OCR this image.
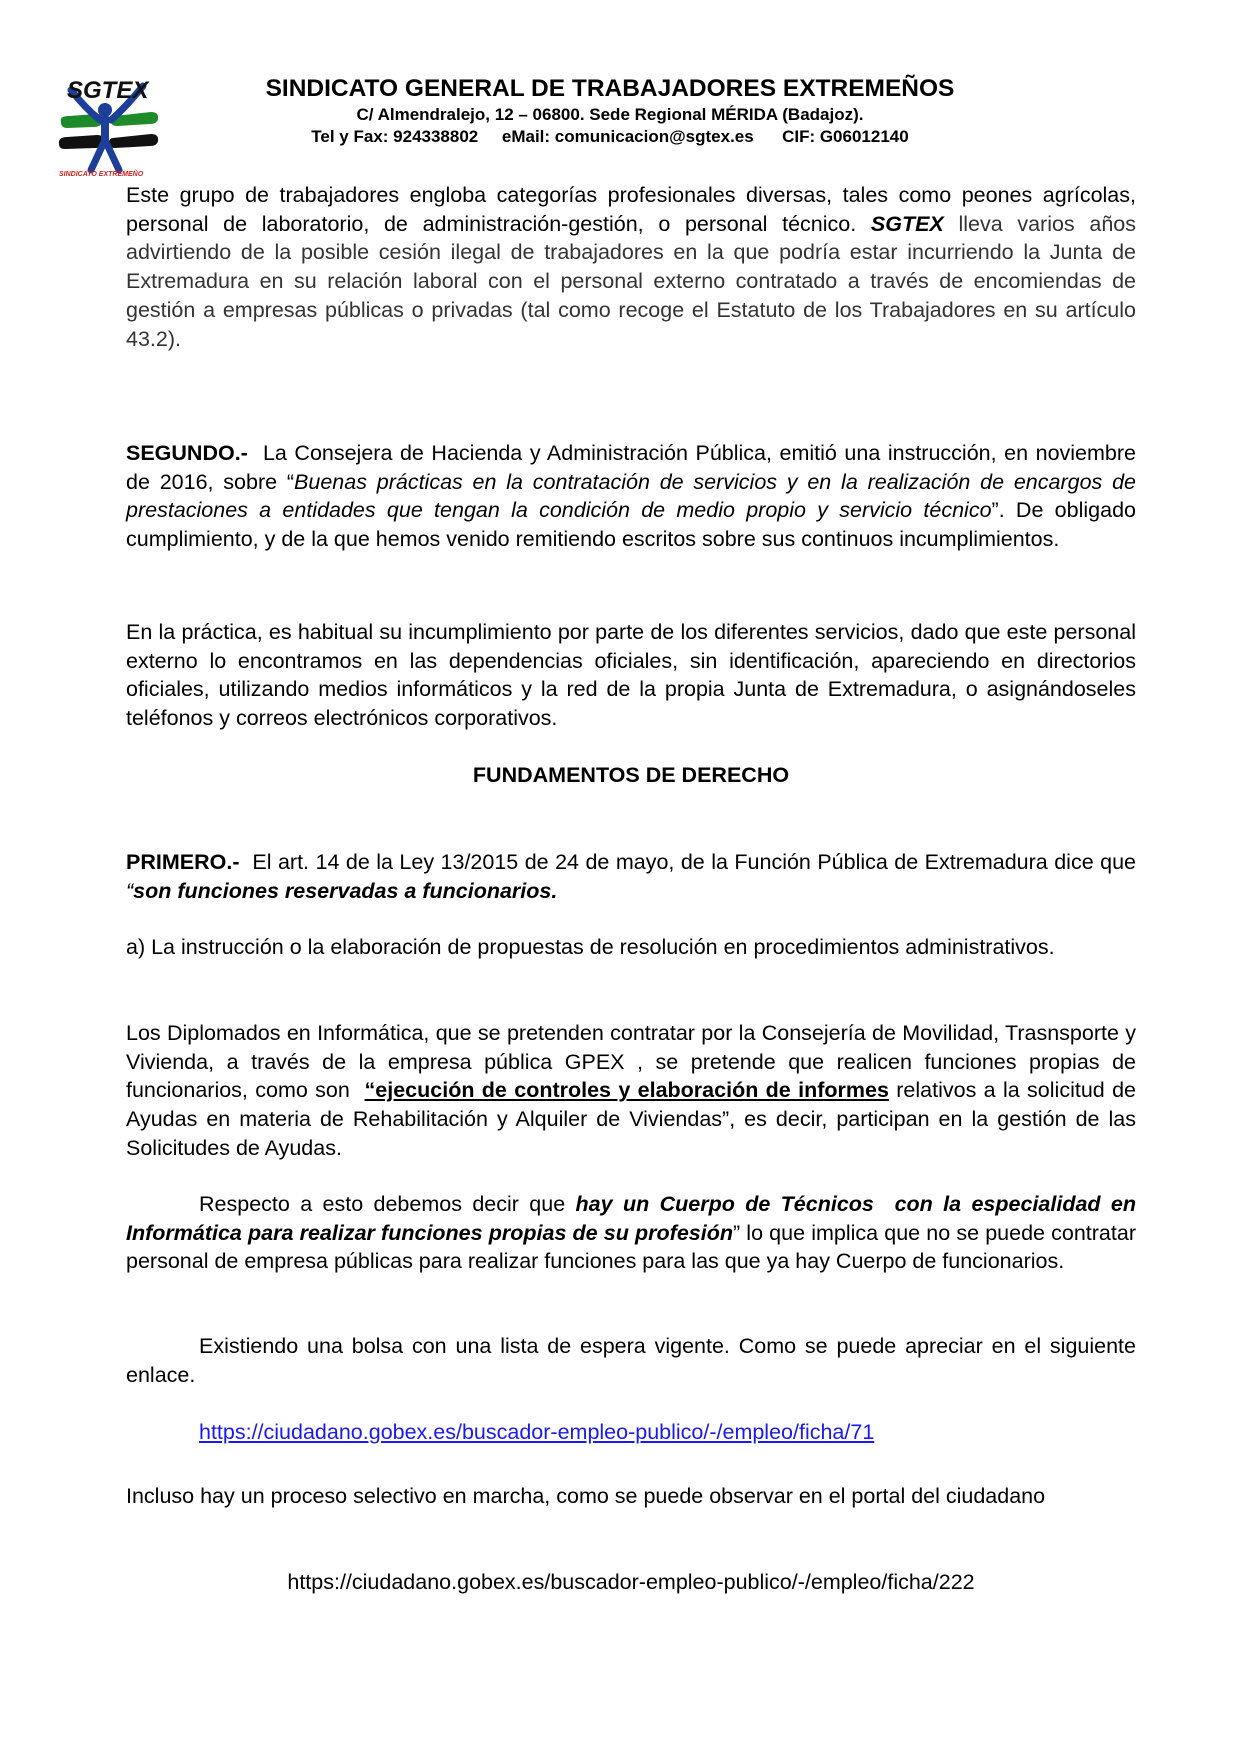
SGTEX
SINDICATO EXTREMEÑO
SINDICATO GENERAL DE TRABAJADORES EXTREMEÑOS
C/ Almendralejo, 12 – 06800. Sede Regional MÉRIDA (Badajoz).
Tel y Fax: 924338802 eMail: comunicacion@sgtex.es CIF: G06012140
Este grupo de trabajadores engloba categorías profesionales diversas, tales como peones agrícolas, personal de laboratorio, de administración-gestión, o personal técnico. SGTEX lleva varios años advirtiendo de la posible cesión ilegal de trabajadores en la que podría estar incurriendo la Junta de Extremadura en su relación laboral con el personal externo contratado a través de encomiendas de gestión a empresas públicas o privadas (tal como recoge el Estatuto de los Trabajadores en su artículo 43.2).
SEGUNDO.-  La Consejera de Hacienda y Administración Pública, emitió una instrucción, en noviembre de 2016, sobre “Buenas prácticas en la contratación de servicios y en la realización de encargos de prestaciones a entidades que tengan la condición de medio propio y servicio técnico”. De obligado cumplimiento, y de la que hemos venido remitiendo escritos sobre sus continuos incumplimientos.
En la práctica, es habitual su incumplimiento por parte de los diferentes servicios, dado que este personal externo lo encontramos en las dependencias oficiales, sin identificación, apareciendo en directorios oficiales, utilizando medios informáticos y la red de la propia Junta de Extremadura, o asignándoseles teléfonos y correos electrónicos corporativos.
FUNDAMENTOS DE DERECHO
PRIMERO.-  El art. 14 de la Ley 13/2015 de 24 de mayo, de la Función Pública de Extremadura dice que “son funciones reservadas a funcionarios.
a) La instrucción o la elaboración de propuestas de resolución en procedimientos administrativos.
Los Diplomados en Informática, que se pretenden contratar por la Consejería de Movilidad, Trasnsporte y Vivienda, a través de la empresa pública GPEX , se pretende que realicen funciones propias de funcionarios, como son  “ejecución de controles y elaboración de informes relativos a la solicitud de Ayudas en materia de Rehabilitación y Alquiler de Viviendas”, es decir, participan en la gestión de las Solicitudes de Ayudas.
Respecto a esto debemos decir que hay un Cuerpo de Técnicos  con la especialidad en Informática para realizar funciones propias de su profesión” lo que implica que no se puede contratar personal de empresa públicas para realizar funciones para las que ya hay Cuerpo de funcionarios.
Existiendo una bolsa con una lista de espera vigente. Como se puede apreciar en el siguiente enlace.
https://ciudadano.gobex.es/buscador-empleo-publico/-/empleo/ficha/71
Incluso hay un proceso selectivo en marcha, como se puede observar en el portal del ciudadano
https://ciudadano.gobex.es/buscador-empleo-publico/-/empleo/ficha/222
